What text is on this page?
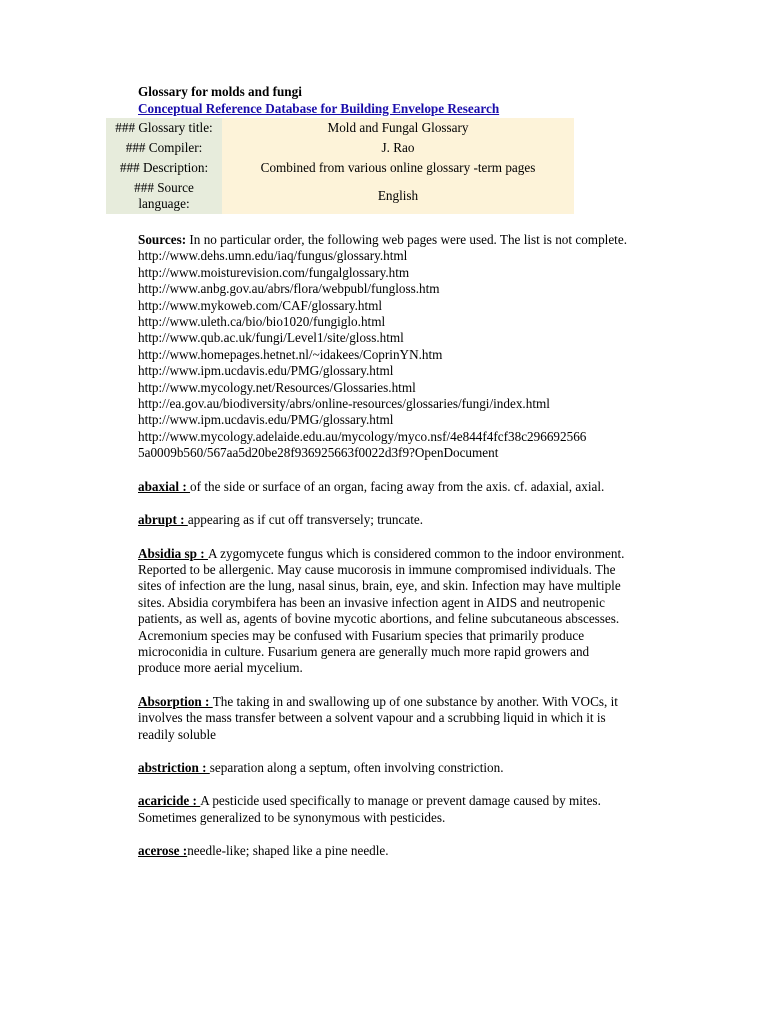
Glossary for molds and fungi
Conceptual Reference Database for Building Envelope Research
### Glossary title:	Mold and Fungal Glossary
### Compiler:	J. Rao
### Description:	Combined from various online glossary -term pages
### Source language:	English
Sources: In no particular order, the following web pages were used. The list is not complete.
http://www.dehs.umn.edu/iaq/fungus/glossary.html
http://www.moisturevision.com/fungalglossary.htm
http://www.anbg.gov.au/abrs/flora/webpubl/fungloss.htm
http://www.mykoweb.com/CAF/glossary.html
http://www.uleth.ca/bio/bio1020/fungiglo.html
http://www.qub.ac.uk/fungi/Level1/site/gloss.html
http://www.homepages.hetnet.nl/~idakees/CoprinYN.htm
http://www.ipm.ucdavis.edu/PMG/glossary.html
http://www.mycology.net/Resources/Glossaries.html
http://ea.gov.au/biodiversity/abrs/online-resources/glossaries/fungi/index.html
http://www.ipm.ucdavis.edu/PMG/glossary.html
http://www.mycology.adelaide.edu.au/mycology/myco.nsf/4e844f4fcf38c296692566
5a0009b560/567aa5d20be28f936925663f0022d3f9?OpenDocument
abaxial : of the side or surface of an organ, facing away from the axis. cf. adaxial, axial.
abrupt : appearing as if cut off transversely; truncate.
Absidia sp : A zygomycete fungus which is considered common to the indoor environment. Reported to be allergenic. May cause mucorosis in immune compromised individuals. The sites of infection are the lung, nasal sinus, brain, eye, and skin. Infection may have multiple sites. Absidia corymbifera has been an invasive infection agent in AIDS and neutropenic patients, as well as, agents of bovine mycotic abortions, and feline subcutaneous abscesses. Acremonium species may be confused with Fusarium species that primarily produce microconidia in culture. Fusarium genera are generally much more rapid growers and produce more aerial mycelium.
Absorption : The taking in and swallowing up of one substance by another. With VOCs, it involves the mass transfer between a solvent vapour and a scrubbing liquid in which it is readily soluble
abstriction : separation along a septum, often involving constriction.
acaricide : A pesticide used specifically to manage or prevent damage caused by mites. Sometimes generalized to be synonymous with pesticides.
acerose :needle-like; shaped like a pine needle.
